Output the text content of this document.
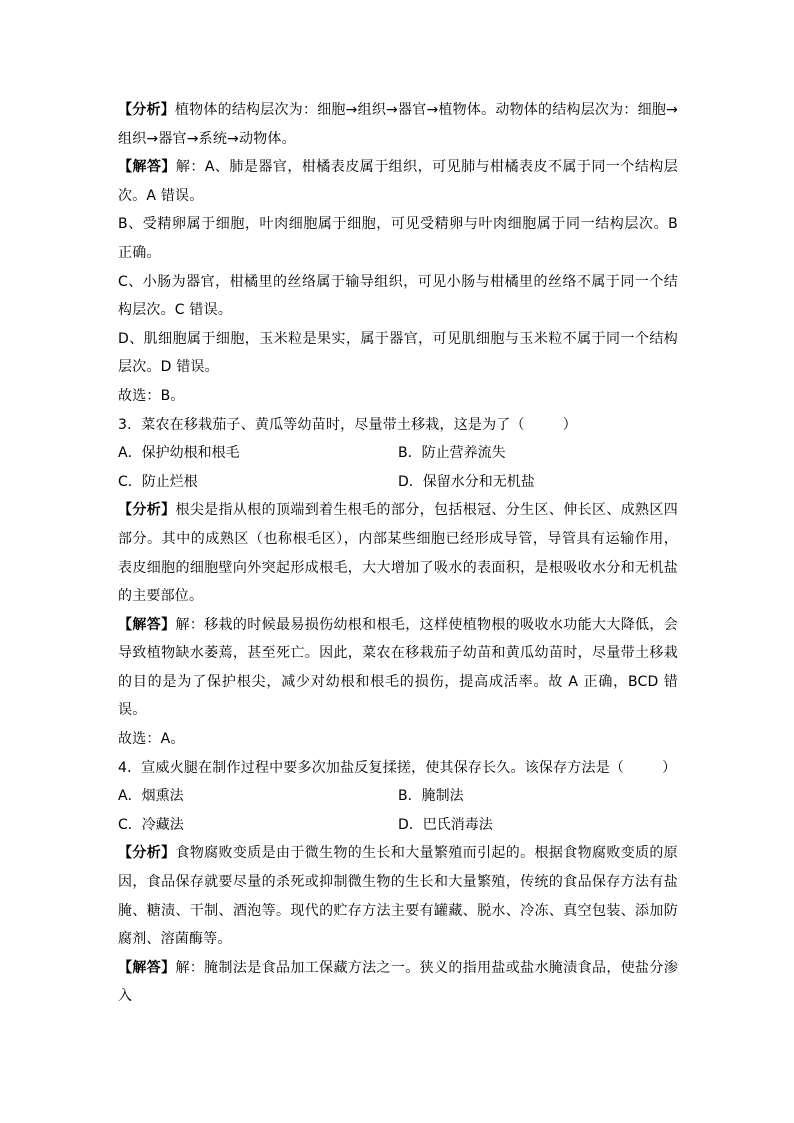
【分析】植物体的结构层次为：细胞→组织→器官→植物体。动物体的结构层次为：细胞→组织→器官→系统→动物体。

【解答】解：A、肺是器官，柑橘表皮属于组织，可见肺与柑橘表皮不属于同一个结构层次。A 错误。

B、受精卵属于细胞，叶肉细胞属于细胞，可见受精卵与叶肉细胞属于同一结构层次。B 正确。

C、小肠为器官，柑橘里的丝络属于输导组织，可见小肠与柑橘里的丝络不属于同一个结构层次。C 错误。

D、肌细胞属于细胞，玉米粒是果实，属于器官，可见肌细胞与玉米粒不属于同一个结构层次。D 错误。

故选：B。

3．菜农在移栽茄子、黄瓜等幼苗时，尽量带土移栽，这是为了（	）

A．保护幼根和根毛	B．防止营养流失
C．防止烂根	D．保留水分和无机盐

【分析】根尖是指从根的顶端到着生根毛的部分，包括根冠、分生区、伸长区、成熟区四部分。其中的成熟区（也称根毛区），内部某些细胞已经形成导管，导管具有运输作用，表皮细胞的细胞壁向外突起形成根毛，大大增加了吸水的表面积，是根吸收水分和无机盐的主要部位。

【解答】解：移栽的时候最易损伤幼根和根毛，这样使植物根的吸收水功能大大降低，会导致植物缺水萎蔫，甚至死亡。因此，菜农在移栽茄子幼苗和黄瓜幼苗时，尽量带土移栽的目的是为了保护根尖，减少对幼根和根毛的损伤，提高成活率。故 A 正确，BCD 错误。

故选：A。

4．宣威火腿在制作过程中要多次加盐反复揉搓，使其保存长久。该保存方法是（	）

A．烟熏法	B．腌制法
C．冷藏法	D．巴氏消毒法

【分析】食物腐败变质是由于微生物的生长和大量繁殖而引起的。根据食物腐败变质的原因，食品保存就要尽量的杀死或抑制微生物的生长和大量繁殖，传统的食品保存方法有盐腌、糖渍、干制、酒泡等。现代的贮存方法主要有罐藏、脱水、冷冻、真空包装、添加防腐剂、溶菌酶等。

【解答】解：腌制法是食品加工保藏方法之一。狭义的指用盐或盐水腌渍食品，使盐分渗入
